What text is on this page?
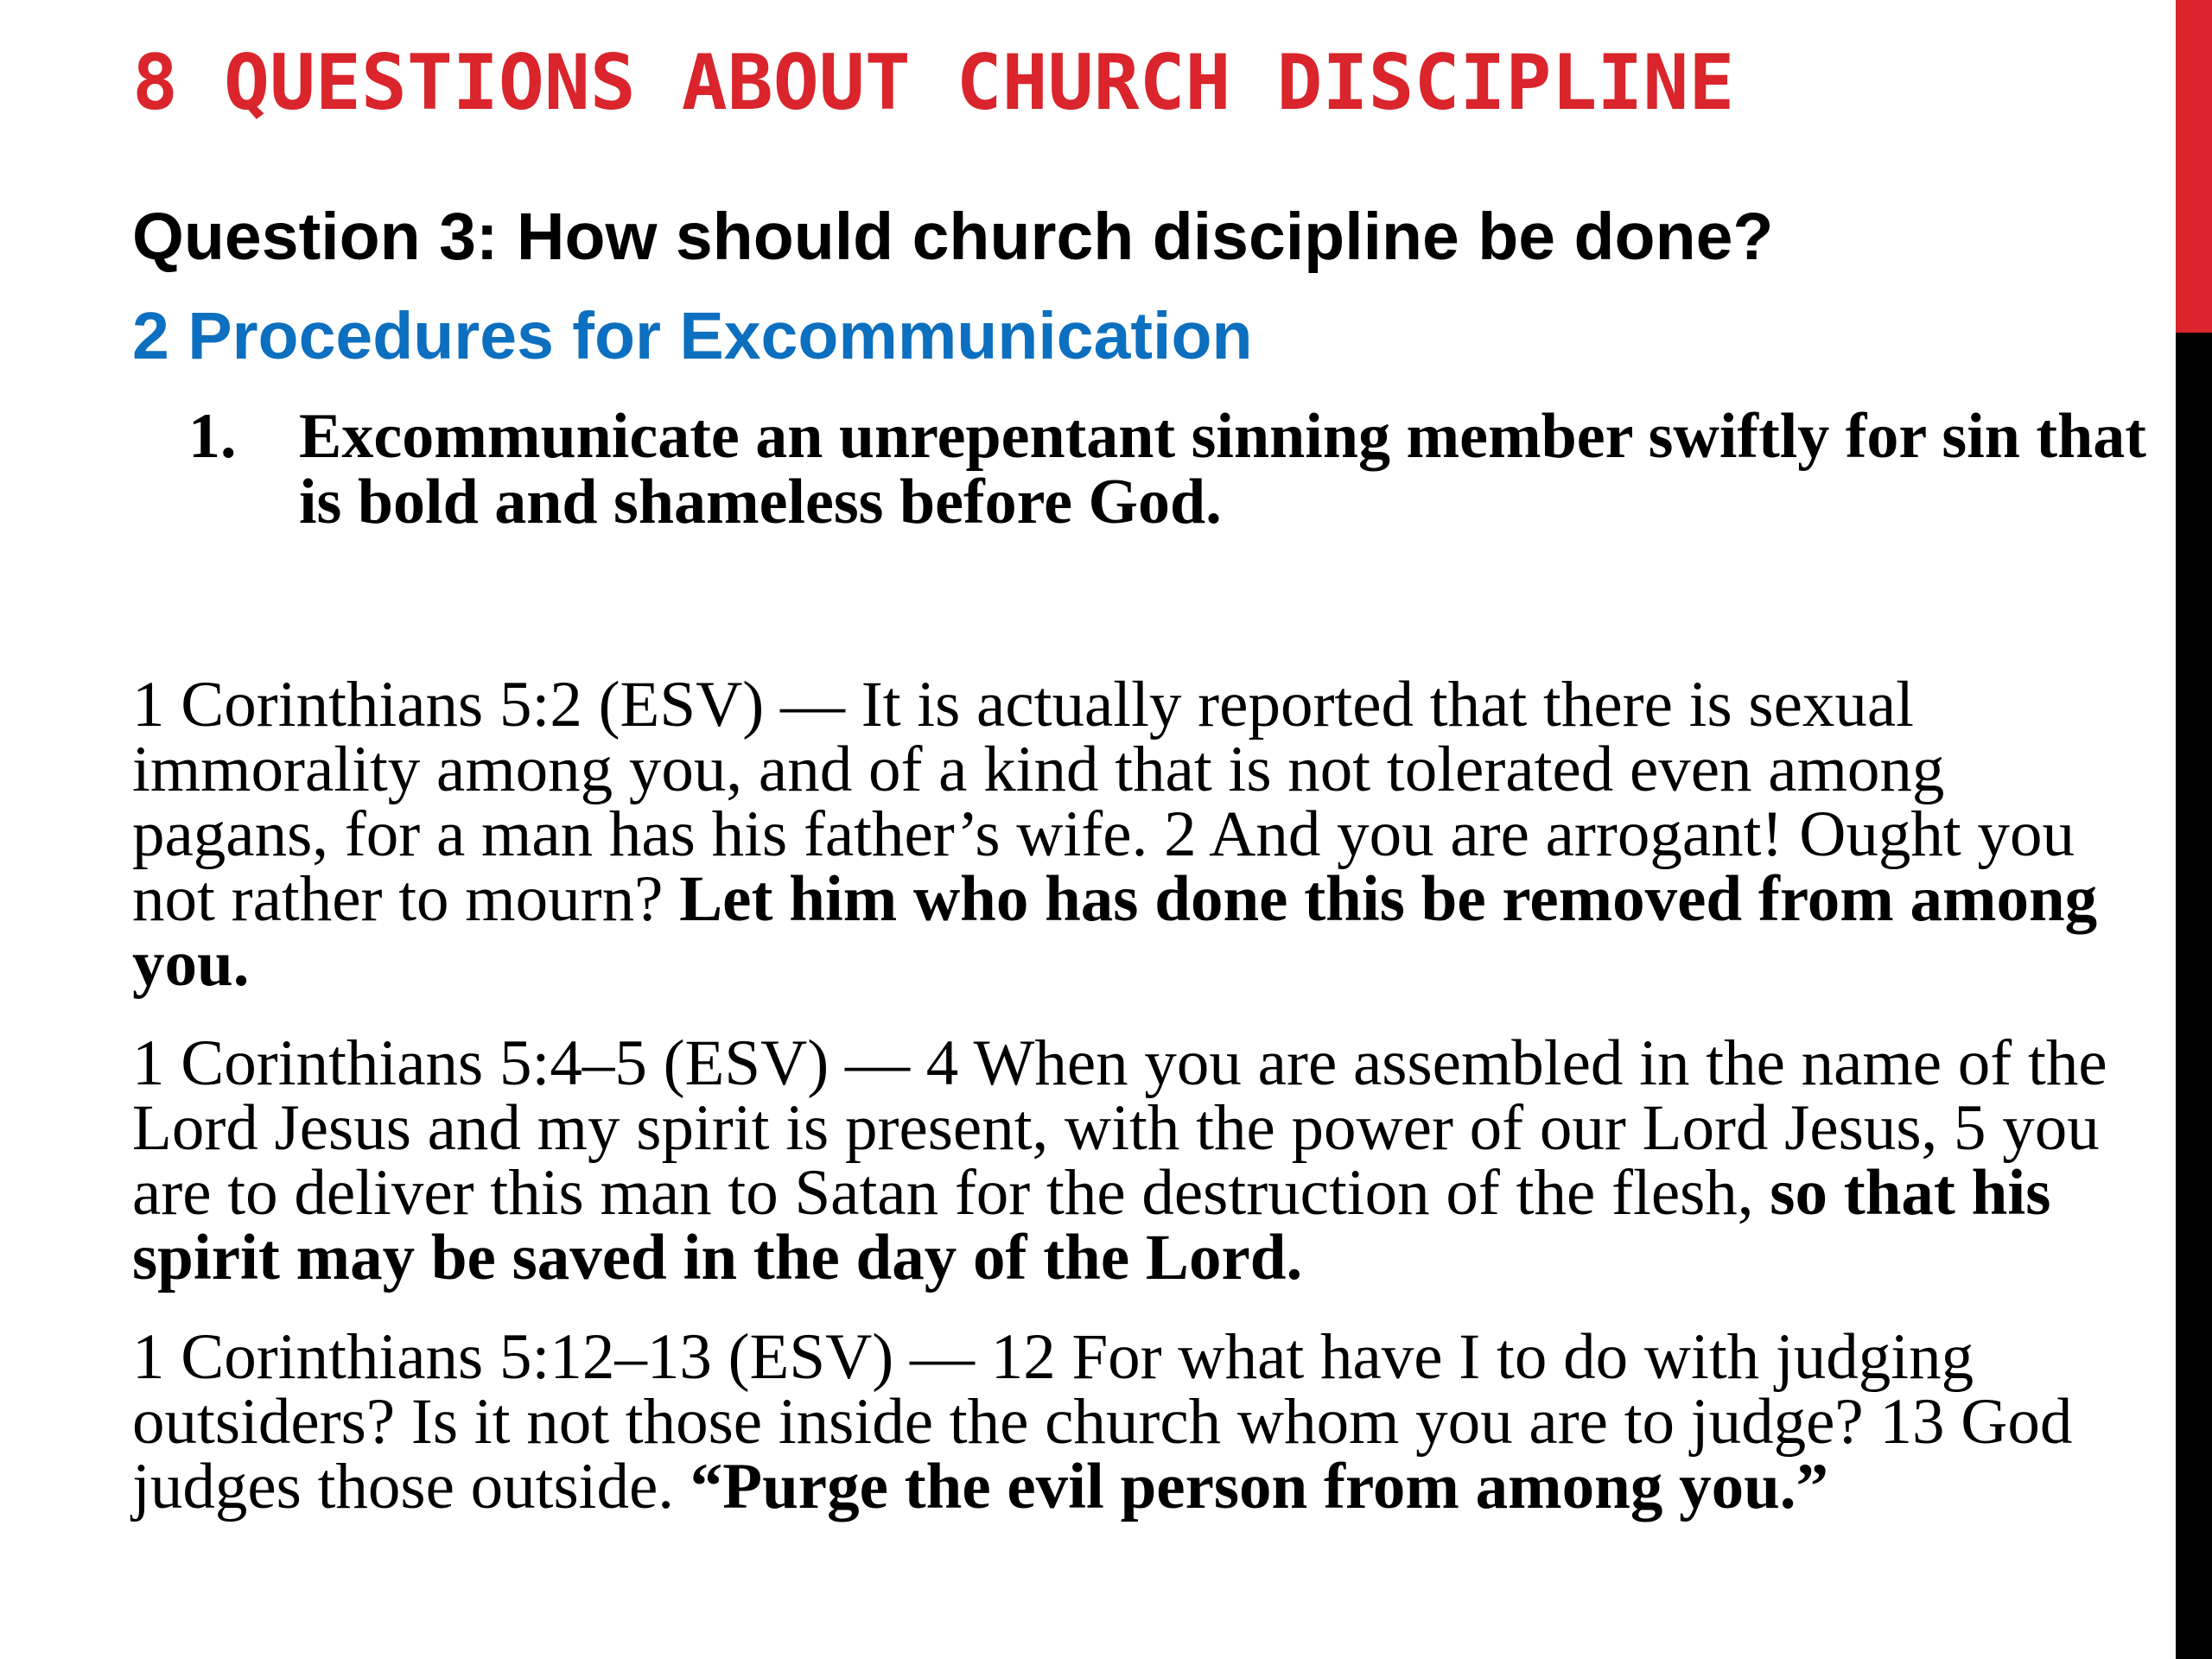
8 QUESTIONS ABOUT CHURCH DISCIPLINE
Question 3: How should church discipline be done?
2 Procedures for Excommunication
1. Excommunicate an unrepentant sinning member swiftly for sin that is bold and shameless before God.

1 Corinthians 5:2 (ESV) — It is actually reported that there is sexual immorality among you, and of a kind that is not tolerated even among pagans, for a man has his father’s wife. 2 And you are arrogant! Ought you not rather to mourn? Let him who has done this be removed from among you.

1 Corinthians 5:4–5 (ESV) — 4 When you are assembled in the name of the Lord Jesus and my spirit is present, with the power of our Lord Jesus, 5 you are to deliver this man to Satan for the destruction of the flesh, so that his spirit may be saved in the day of the Lord.

1 Corinthians 5:12–13 (ESV) — 12 For what have I to do with judging outsiders? Is it not those inside the church whom you are to judge? 13 God judges those outside. “Purge the evil person from among you.”
